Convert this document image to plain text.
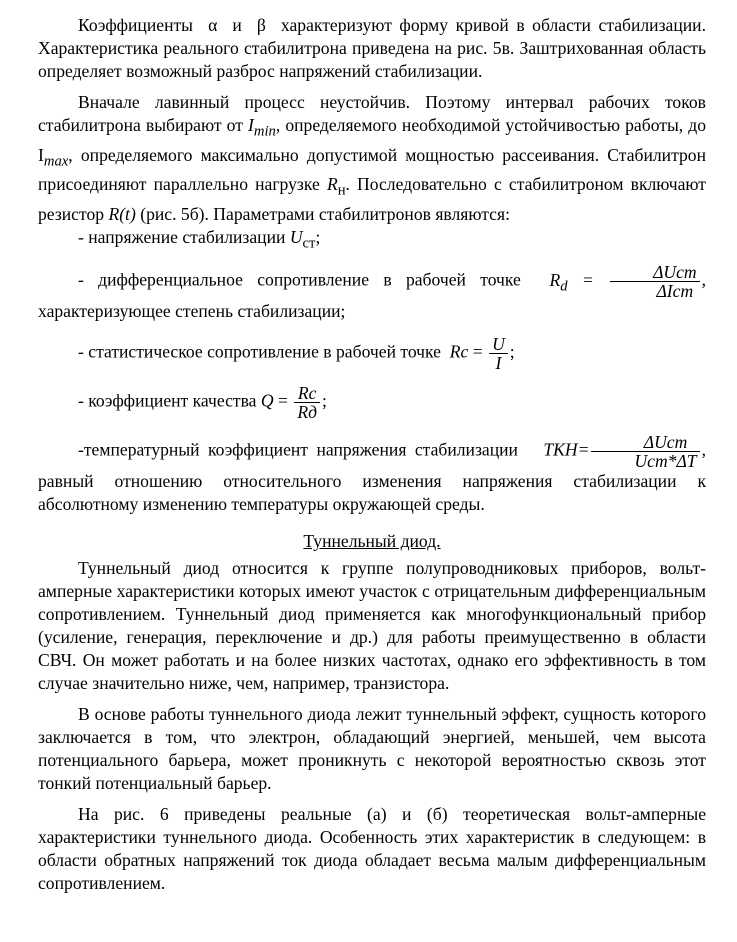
Коэффициенты α и β характеризуют форму кривой в области стабилизации. Характеристика реального стабилитрона приведена на рис. 5в. Заштрихованная область определяет возможный разброс напряжений стабилизации.

Вначале лавинный процесс неустойчив. Поэтому интервал рабочих токов стабилитрона выбирают от $I_{min}$, определяемого необходимой устойчивостью работы, до $I_{max}$, определяемого максимально допустимой мощностью рассеивания. Стабилитрон присоединяют параллельно нагрузке $R_н$. Последовательно с стабилитроном включают резистор R(t) (рис. 5б). Параметрами стабилитронов являются:

- напряжение стабилизации $U_{ст}$;

- дифференциальное сопротивление в рабочей точке $R_d = \frac{\text{ΔUст}}{\text{ΔIст}}$ , характеризующее степень стабилизации;

- статистическое сопротивление в рабочей точке $Rc = \frac{U}{I}$ ;

- коэффициент качества $Q = \frac{Rc}{Rд}$ ;

-температурный коэффициент напряжения стабилизации $TKH= \frac{\text{ΔUст}}{\text{Uст*ΔT}}$ , равный отношению относительного изменения напряжения стабилизации к абсолютному изменению температуры окружающей среды.

Туннельный диод.

Туннельный диод относится к группе полупроводниковых приборов, вольт-амперные характеристики которых имеют участок с отрицательным дифференциальным сопротивлением. Туннельный диод применяется как многофункциональный прибор (усиление, генерация, переключение и др.) для работы преимущественно в области СВЧ. Он может работать и на более низких частотах, однако его эффективность в том случае значительно ниже, чем, например, транзистора.

В основе работы туннельного диода лежит туннельный эффект, сущность которого заключается в том, что электрон, обладающий энергией, меньшей, чем высота потенциального барьера, может проникнуть с некоторой вероятностью сквозь этот тонкий потенциальный барьер.

На рис. 6 приведены реальные (а) и (б) теоретическая вольт-амперные характеристики туннельного диода. Особенность этих характеристик в следующем: в области обратных напряжений ток диода обладает весьма малым дифференциальным сопротивлением.
